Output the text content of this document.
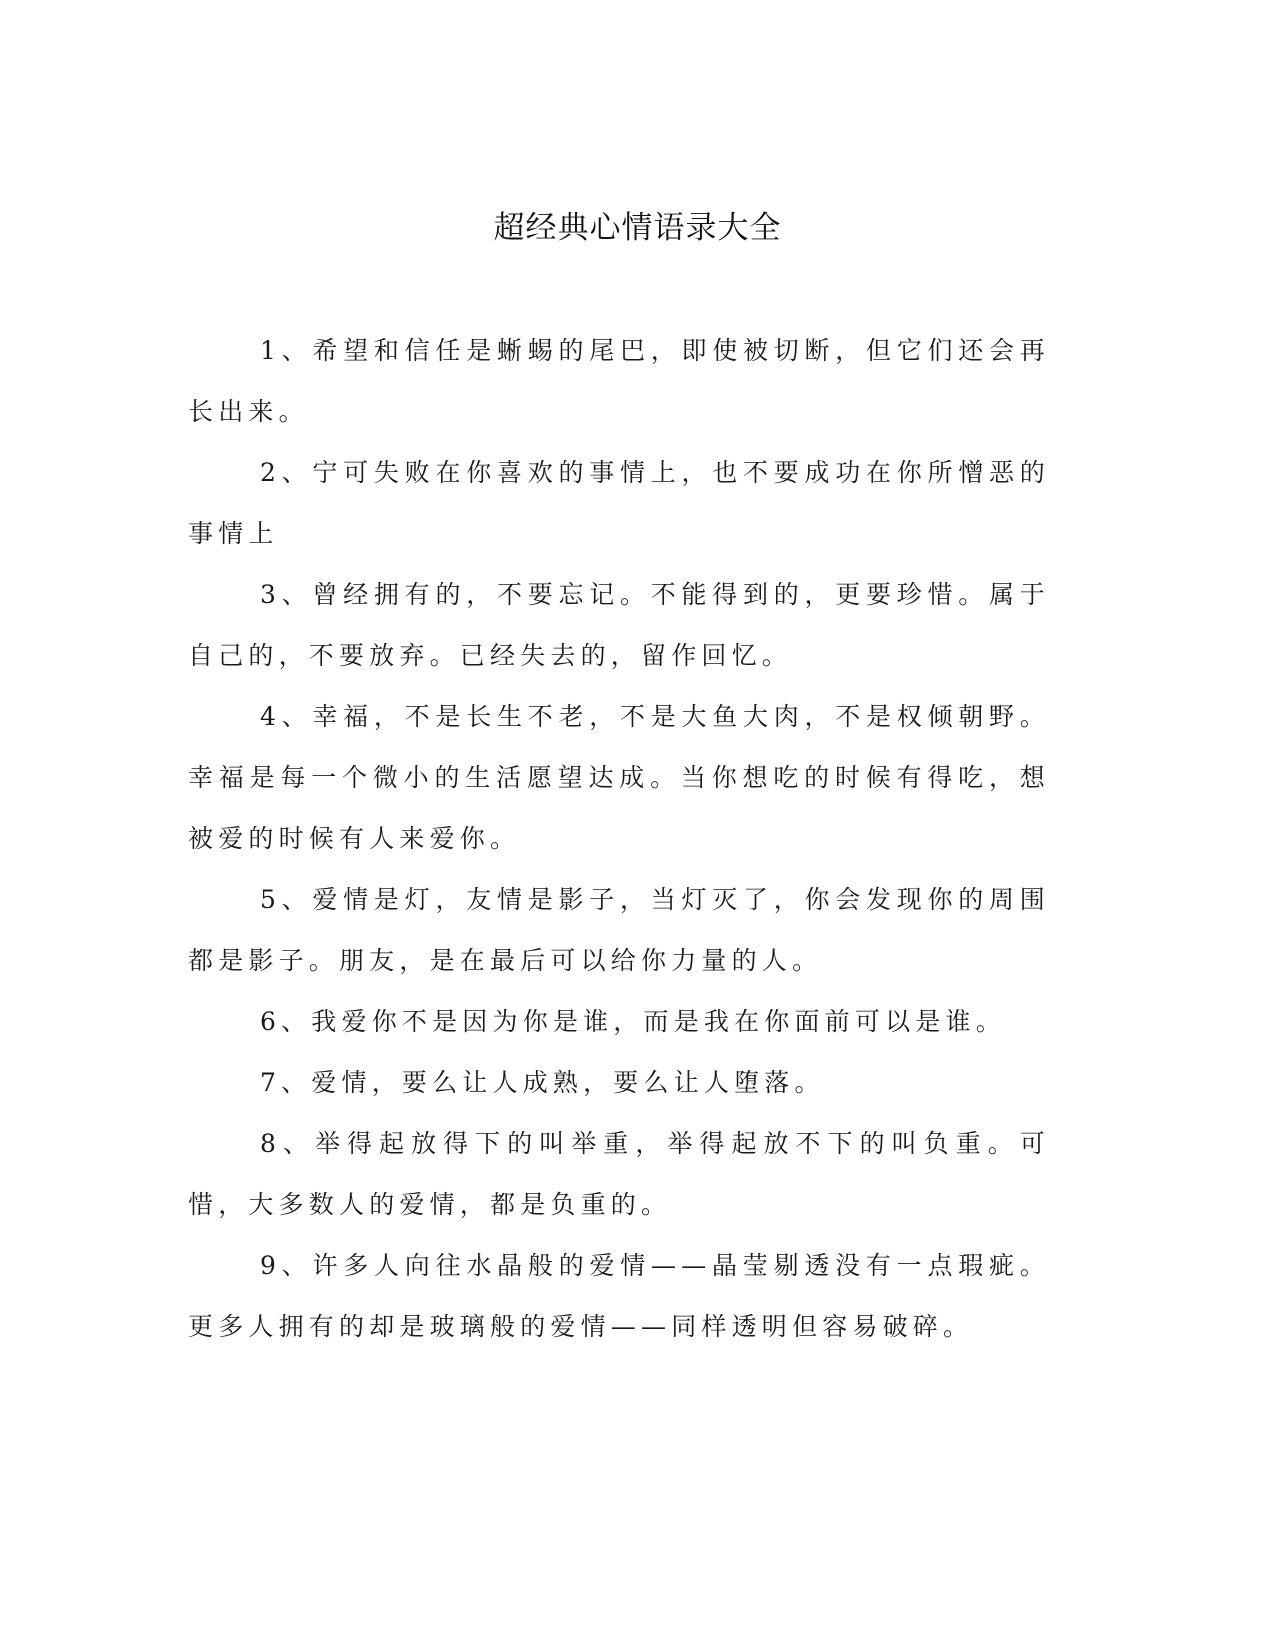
超经典心情语录大全

1、希望和信任是蜥蜴的尾巴，即使被切断，但它们还会再长出来。

2、宁可失败在你喜欢的事情上，也不要成功在你所憎恶的事情上

3、曾经拥有的，不要忘记。不能得到的，更要珍惜。属于自己的，不要放弃。已经失去的，留作回忆。

4、幸福，不是长生不老，不是大鱼大肉，不是权倾朝野。幸福是每一个微小的生活愿望达成。当你想吃的时候有得吃，想被爱的时候有人来爱你。

5、爱情是灯，友情是影子，当灯灭了，你会发现你的周围都是影子。朋友，是在最后可以给你力量的人。

6、我爱你不是因为你是谁，而是我在你面前可以是谁。

7、爱情，要么让人成熟，要么让人堕落。

8、举得起放得下的叫举重，举得起放不下的叫负重。可惜，大多数人的爱情，都是负重的。

9、许多人向往水晶般的爱情——晶莹剔透没有一点瑕疵。更多人拥有的却是玻璃般的爱情——同样透明但容易破碎。
